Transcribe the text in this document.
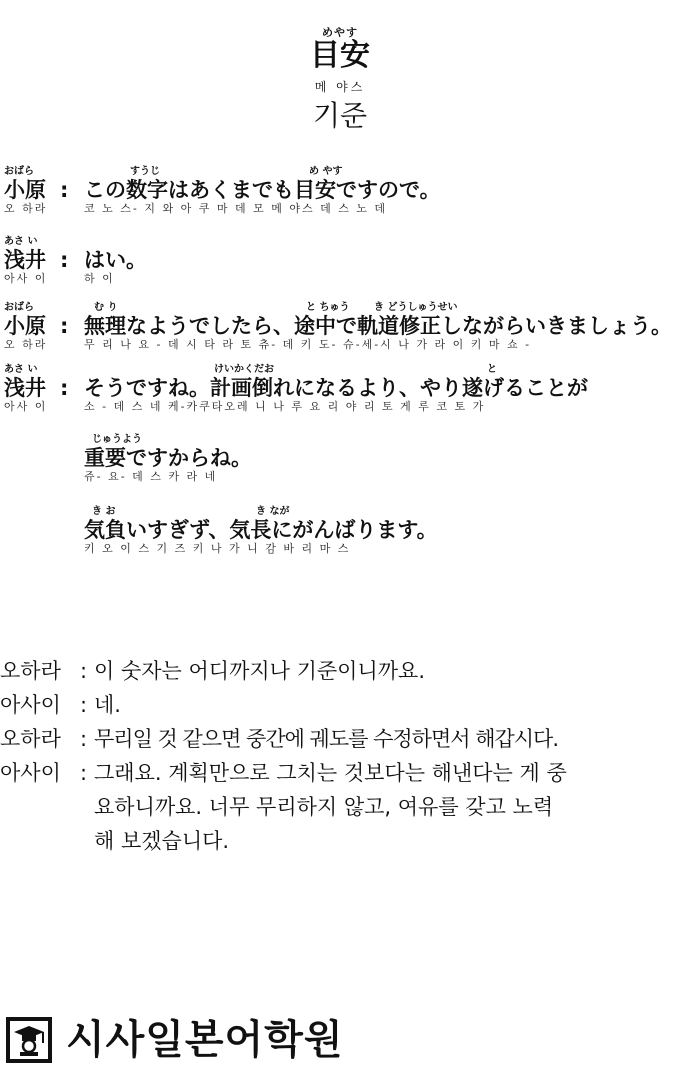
めやす
目安
메 야스
기준
おばら	すうじ	め やす
小原 : この数字はあくまでも目安ですので。
오 하라	코 노 스- 지 와 아 쿠 마 데 모 메 야스 데 스 노 데
あさ い
浅井 : はい。
아사 이	하 이
おばら	む り	と ちゅう き どうしゅうせい
小原 : 無理なようでしたら、途中で軌道修正しながらいきましょう。
오 하라	무 리 나 요 - 데 시 타 라 토 츄- 데 키 도- 슈-세-시 나 가 라 이 키 마 쇼 -
あさ い	けいかくだお	と
浅井 : そうですね。計画倒れになるより、やり遂げることが
아사 이	소 - 데 스 네 케-카쿠타오레 니 나 루 요 리 야 리 토 게 루 코 토 가
じゅうよう
重要ですからね。
쥬- 요- 데 스 카 라 네
き お	き なが
気負いすぎず、気長にがんばります。
키 오 이 스 기 즈 키 나 가 니 감 바 리 마 스
오하라 : 이 숫자는 어디까지나 기준이니까요.
아사이 : 네.
오하라 : 무리일 것 같으면 중간에 궤도를 수정하면서 해갑시다.
아사이 : 그래요. 계획만으로 그치는 것보다는 해낸다는 게 중
요하니까요. 너무 무리하지 않고, 여유를 갖고 노력
해 보겠습니다.
시사일본어학원
